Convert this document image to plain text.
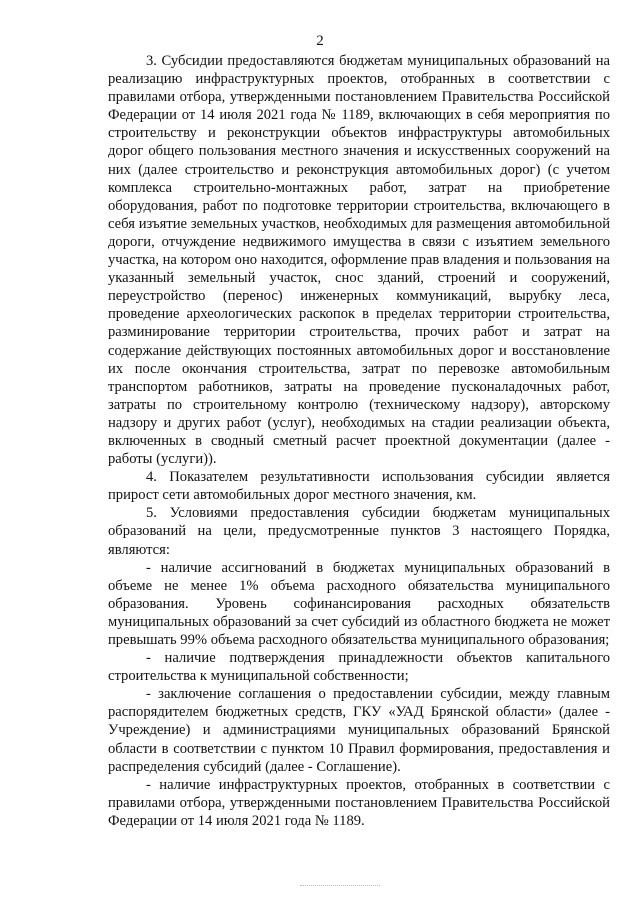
2

3. Субсидии предоставляются бюджетам муниципальных образований на реализацию инфраструктурных проектов, отобранных в соответствии с правилами отбора, утвержденными постановлением Правительства Российской Федерации от 14 июля 2021 года № 1189, включающих в себя мероприятия по строительству и реконструкции объектов инфраструктуры автомобильных дорог общего пользования местного значения и искусственных сооружений на них (далее строительство и реконструкция автомобильных дорог) (с учетом комплекса строительно-монтажных работ, затрат на приобретение оборудования, работ по подготовке территории строительства, включающего в себя изъятие земельных участков, необходимых для размещения автомобильной дороги, отчуждение недвижимого имущества в связи с изъятием земельного участка, на котором оно находится, оформление прав владения и пользования на указанный земельный участок, снос зданий, строений и сооружений, переустройство (перенос) инженерных коммуникаций, вырубку леса, проведение археологических раскопок в пределах территории строительства, разминирование территории строительства, прочих работ и затрат на содержание действующих постоянных автомобильных дорог и восстановление их после окончания строительства, затрат по перевозке автомобильным транспортом работников, затраты на проведение пусконаладочных работ, затраты по строительному контролю (техническому надзору), авторскому надзору и других работ (услуг), необходимых на стадии реализации объекта, включенных в сводный сметный расчет проектной документации (далее - работы (услуги)).

4. Показателем результативности использования субсидии является прирост сети автомобильных дорог местного значения, км.

5. Условиями предоставления субсидии бюджетам муниципальных образований на цели, предусмотренные пунктов 3 настоящего Порядка, являются:

- наличие ассигнований в бюджетах муниципальных образований в объеме не менее 1% объема расходного обязательства муниципального образования. Уровень софинансирования расходных обязательств муниципальных образований за счет субсидий из областного бюджета не может превышать 99% объема расходного обязательства муниципального образования;

- наличие подтверждения принадлежности объектов капитального строительства к муниципальной собственности;

- заключение соглашения о предоставлении субсидии, между главным распорядителем бюджетных средств, ГКУ «УАД Брянской области» (далее - Учреждение) и администрациями муниципальных образований Брянской области в соответствии с пунктом 10 Правил формирования, предоставления и распределения субсидий (далее - Соглашение).

- наличие инфраструктурных проектов, отобранных в соответствии с правилами отбора, утвержденными постановлением Правительства Российской Федерации от 14 июля 2021 года № 1189.
